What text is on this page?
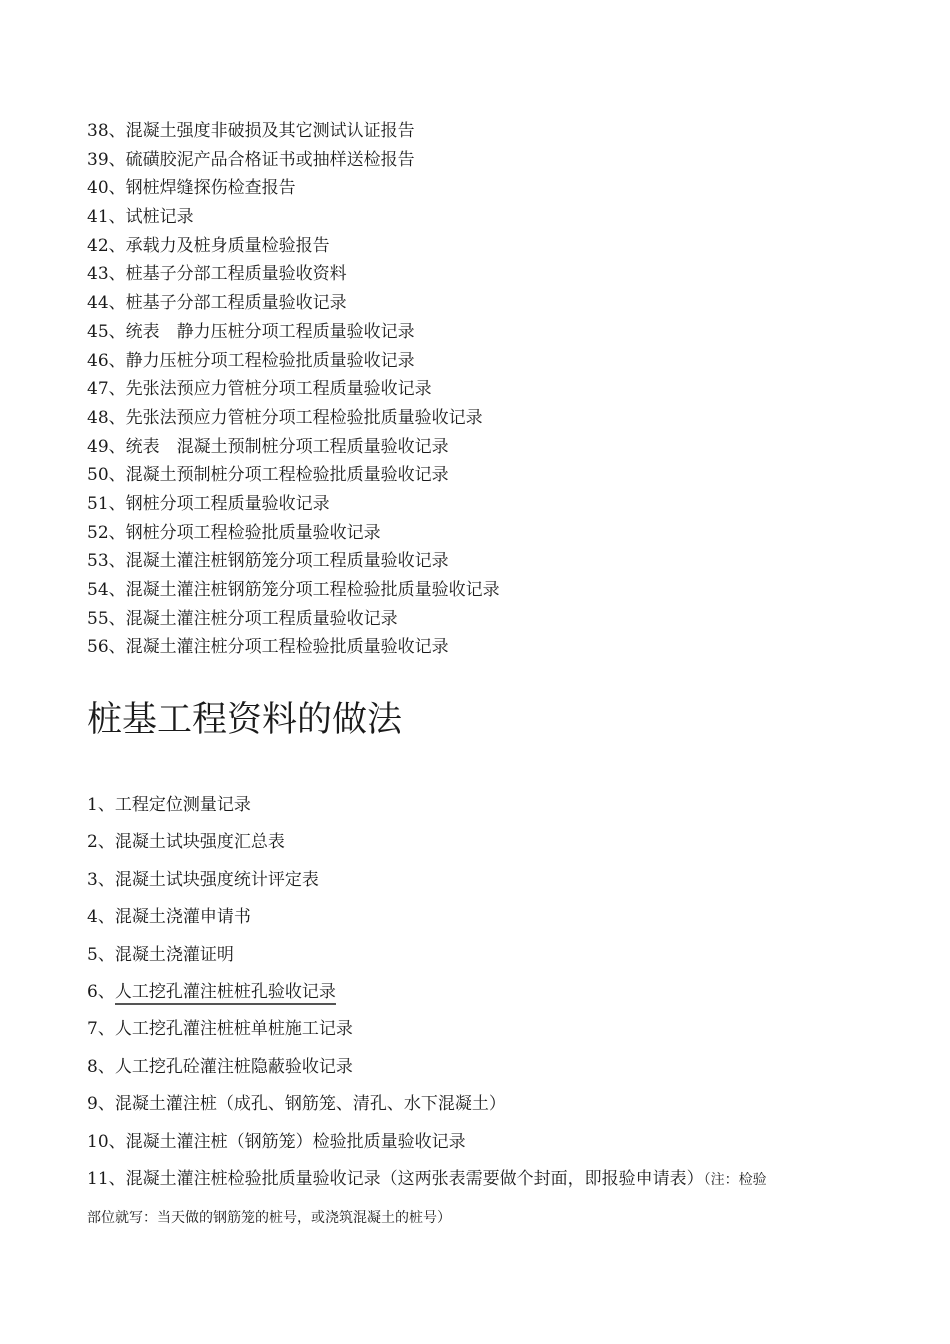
38、混凝土强度非破损及其它测试认证报告
39、硫磺胶泥产品合格证书或抽样送检报告
40、钢桩焊缝探伤检查报告
41、试桩记录
42、承载力及桩身质量检验报告
43、桩基子分部工程质量验收资料
44、桩基子分部工程质量验收记录
45、统表　静力压桩分项工程质量验收记录
46、静力压桩分项工程检验批质量验收记录
47、先张法预应力管桩分项工程质量验收记录
48、先张法预应力管桩分项工程检验批质量验收记录
49、统表　混凝土预制桩分项工程质量验收记录
50、混凝土预制桩分项工程检验批质量验收记录
51、钢桩分项工程质量验收记录
52、钢桩分项工程检验批质量验收记录
53、混凝土灌注桩钢筋笼分项工程质量验收记录
54、混凝土灌注桩钢筋笼分项工程检验批质量验收记录
55、混凝土灌注桩分项工程质量验收记录
56、混凝土灌注桩分项工程检验批质量验收记录
桩基工程资料的做法
1、工程定位测量记录
2、混凝土试块强度汇总表
3、混凝土试块强度统计评定表
4、混凝土浇灌申请书
5、混凝土浇灌证明
6、人工挖孔灌注桩桩孔验收记录
7、人工挖孔灌注桩桩单桩施工记录
8、人工挖孔砼灌注桩隐蔽验收记录
9、混凝土灌注桩（成孔、钢筋笼、清孔、水下混凝土）
10、混凝土灌注桩（钢筋笼）检验批质量验收记录
11、混凝土灌注桩检验批质量验收记录（这两张表需要做个封面，即报验申请表）（注：检验
部位就写：当天做的钢筋笼的桩号，或浇筑混凝土的桩号）
